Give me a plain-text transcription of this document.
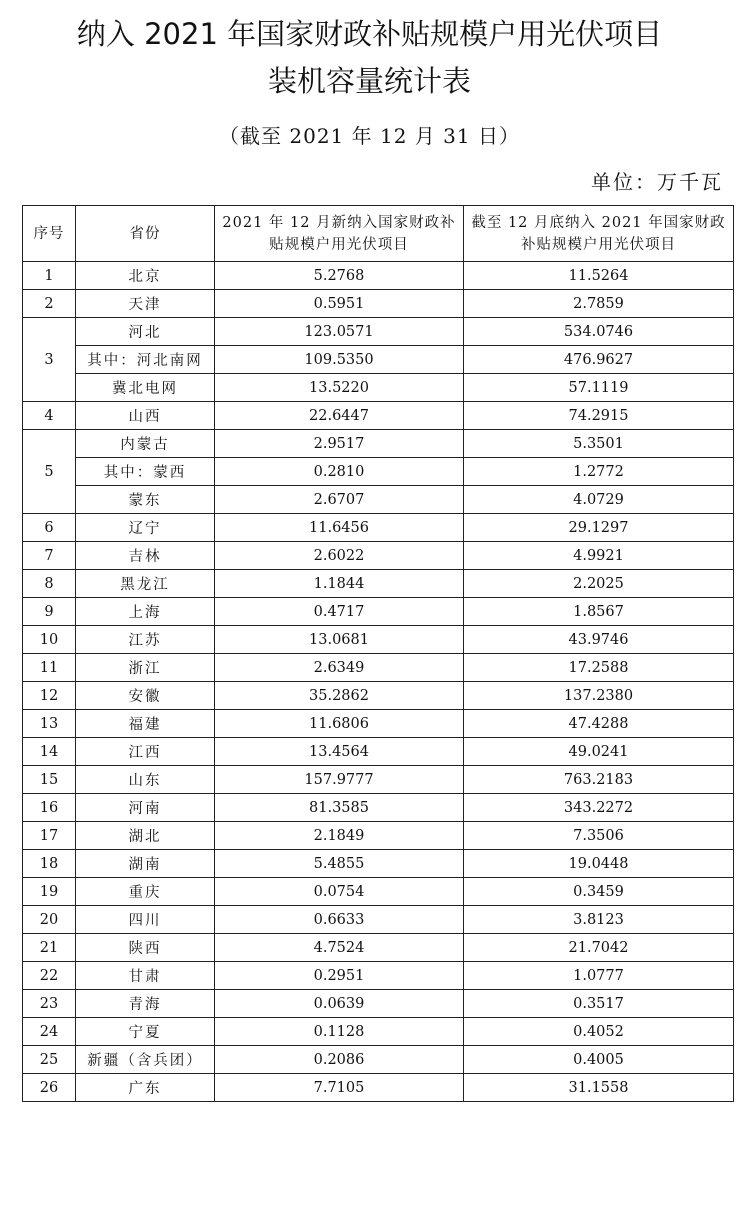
纳入 2021 年国家财政补贴规模户用光伏项目
装机容量统计表
（截至 2021 年 12 月 31 日）
单位：万千瓦
序号	省份	2021 年 12 月新纳入国家财政补贴规模户用光伏项目	截至 12 月底纳入 2021 年国家财政补贴规模户用光伏项目
1	北京	5.2768	11.5264
2	天津	0.5951	2.7859
3	河北	123.0571	534.0746
	其中：河北南网	109.5350	476.9627
	冀北电网	13.5220	57.1119
4	山西	22.6447	74.2915
5	内蒙古	2.9517	5.3501
	其中：蒙西	0.2810	1.2772
	蒙东	2.6707	4.0729
6	辽宁	11.6456	29.1297
7	吉林	2.6022	4.9921
8	黑龙江	1.1844	2.2025
9	上海	0.4717	1.8567
10	江苏	13.0681	43.9746
11	浙江	2.6349	17.2588
12	安徽	35.2862	137.2380
13	福建	11.6806	47.4288
14	江西	13.4564	49.0241
15	山东	157.9777	763.2183
16	河南	81.3585	343.2272
17	湖北	2.1849	7.3506
18	湖南	5.4855	19.0448
19	重庆	0.0754	0.3459
20	四川	0.6633	3.8123
21	陕西	4.7524	21.7042
22	甘肃	0.2951	1.0777
23	青海	0.0639	0.3517
24	宁夏	0.1128	0.4052
25	新疆（含兵团）	0.2086	0.4005
26	广东	7.7105	31.1558
